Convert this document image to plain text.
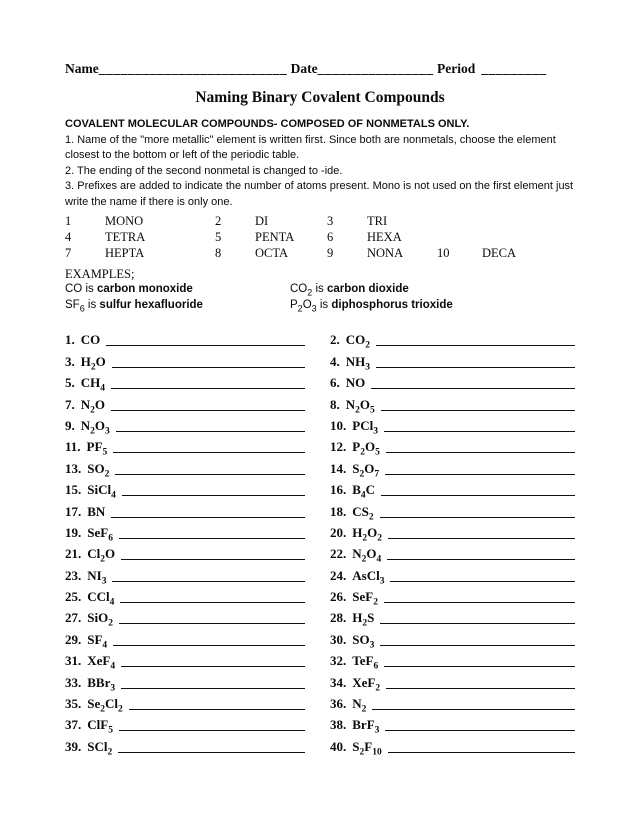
Name__________________________ Date________________ Period _________
Naming Binary Covalent Compounds
COVALENT MOLECULAR COMPOUNDS- COMPOSED OF NONMETALS ONLY.
1. Name of the "more metallic" element is written first. Since both are nonmetals, choose the element closest to the bottom or left of the periodic table.
2. The ending of the second nonmetal is changed to -ide.
3. Prefixes are added to indicate the number of atoms present. Mono is not used on the first element just write the name if there is only one.
1	MONO	2	DI	3	TRI
4	TETRA	5	PENTA	6	HEXA
7	HEPTA	8	OCTA	9	NONA	10	DECA
EXAMPLES;
CO is carbon monoxide	$CO_2$ is carbon dioxide
$SF_6$ is sulfur hexafluoride	$P_2O_3$ is diphosphorus trioxide
1. CO	2. $CO_2$
3. $H_2O$	4. $NH_3$
5. $CH_4$	6. NO
7. $N_2O$	8. $N_2O_5$
9. $N_2O_3$	10. PCl$_3$
11. $PF_5$	12. $P_2O_5$
13. $SO_2$	14. $S_2O_7$
15. SiCl$_4$	16. $B_4C$
17. BN	18. $CS_2$
19. SeF$_6$	20. $H_2O_2$
21. $Cl_2O$	22. $N_2O_4$
23. $NI_3$	24. AsCl$_3$
25. CCl$_4$	26. SeF$_2$
27. SiO$_2$	28. $H_2S$
29. $SF_4$	30. $SO_3$
31. XeF$_4$	32. TeF$_6$
33. BBr$_3$	34. XeF$_2$
35. $Se_2Cl_2$	36. $N_2$
37. ClF$_5$	38. BrF$_3$
39. SCl$_2$	40. $S_2F_{10}$
